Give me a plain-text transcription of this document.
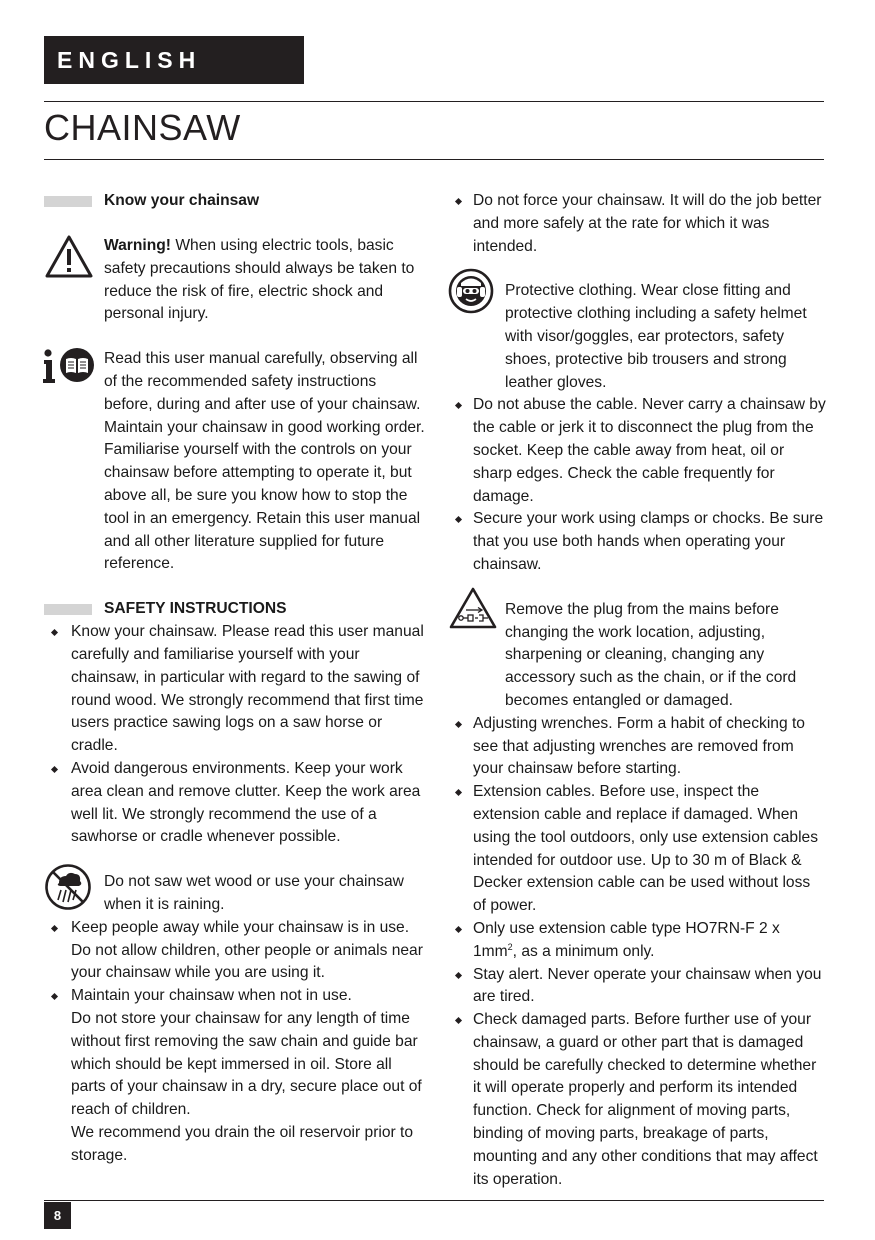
ENGLISH
CHAINSAW
Know your chainsaw
Warning! When using electric tools, basic safety precautions should always be taken to reduce the risk of fire, electric shock and personal injury.
Read this user manual carefully, observing all of the recommended safety instructions before, during and after use of your chainsaw. Maintain your chainsaw in good working order. Familiarise yourself with the controls on your chainsaw before attempting to operate it, but above all, be sure you know how to stop the tool in an emergency. Retain this user manual and all other literature supplied for future reference.
SAFETY INSTRUCTIONS
Know your chainsaw. Please read this user manual carefully and familiarise yourself with your chainsaw, in particular with regard to the sawing of round wood. We strongly recommend that first time users practice sawing logs on a saw horse or cradle.
Avoid dangerous environments. Keep your work area clean and remove clutter. Keep the work area well lit. We strongly recommend the use of a sawhorse or cradle whenever possible.
Do not saw wet wood or use your chainsaw when it is raining.
Keep people away while your chainsaw is in use. Do not allow children, other people or animals near your chainsaw while you are using it.
Maintain your chainsaw when not in use.
Do not store your chainsaw for any length of time without first removing the saw chain and guide bar which should be kept immersed in oil. Store all parts of your chainsaw in a dry, secure place out of reach of children.
We recommend you drain the oil reservoir prior to storage.
Do not force your chainsaw. It will do the job better and more safely at the rate for which it was intended.
Protective clothing. Wear close fitting and protective clothing including a safety helmet with visor/goggles, ear protectors, safety shoes, protective bib trousers and strong leather gloves.
Do not abuse the cable. Never carry a chainsaw by the cable or jerk it to disconnect the plug from the socket. Keep the cable away from heat, oil or sharp edges. Check the cable frequently for damage.
Secure your work using clamps or chocks. Be sure that you use both hands when operating your chainsaw.
Remove the plug from the mains before changing the work location, adjusting, sharpening or cleaning, changing any accessory such as the chain, or if the cord becomes entangled or damaged.
Adjusting wrenches. Form a habit of checking to see that adjusting wrenches are removed from your chainsaw before starting.
Extension cables. Before use, inspect the extension cable and replace if damaged. When using the tool outdoors, only use extension cables intended for outdoor use. Up to 30 m of Black & Decker extension cable can be used without loss of power.
Only use extension cable type HO7RN-F 2 x $1mm^2$, as a minimum only.
Stay alert. Never operate your chainsaw when you are tired.
Check damaged parts. Before further use of your chainsaw, a guard or other part that is damaged should be carefully checked to determine whether it will operate properly and perform its intended function. Check for alignment of moving parts, binding of moving parts, breakage of parts, mounting and any other conditions that may affect its operation.
8
